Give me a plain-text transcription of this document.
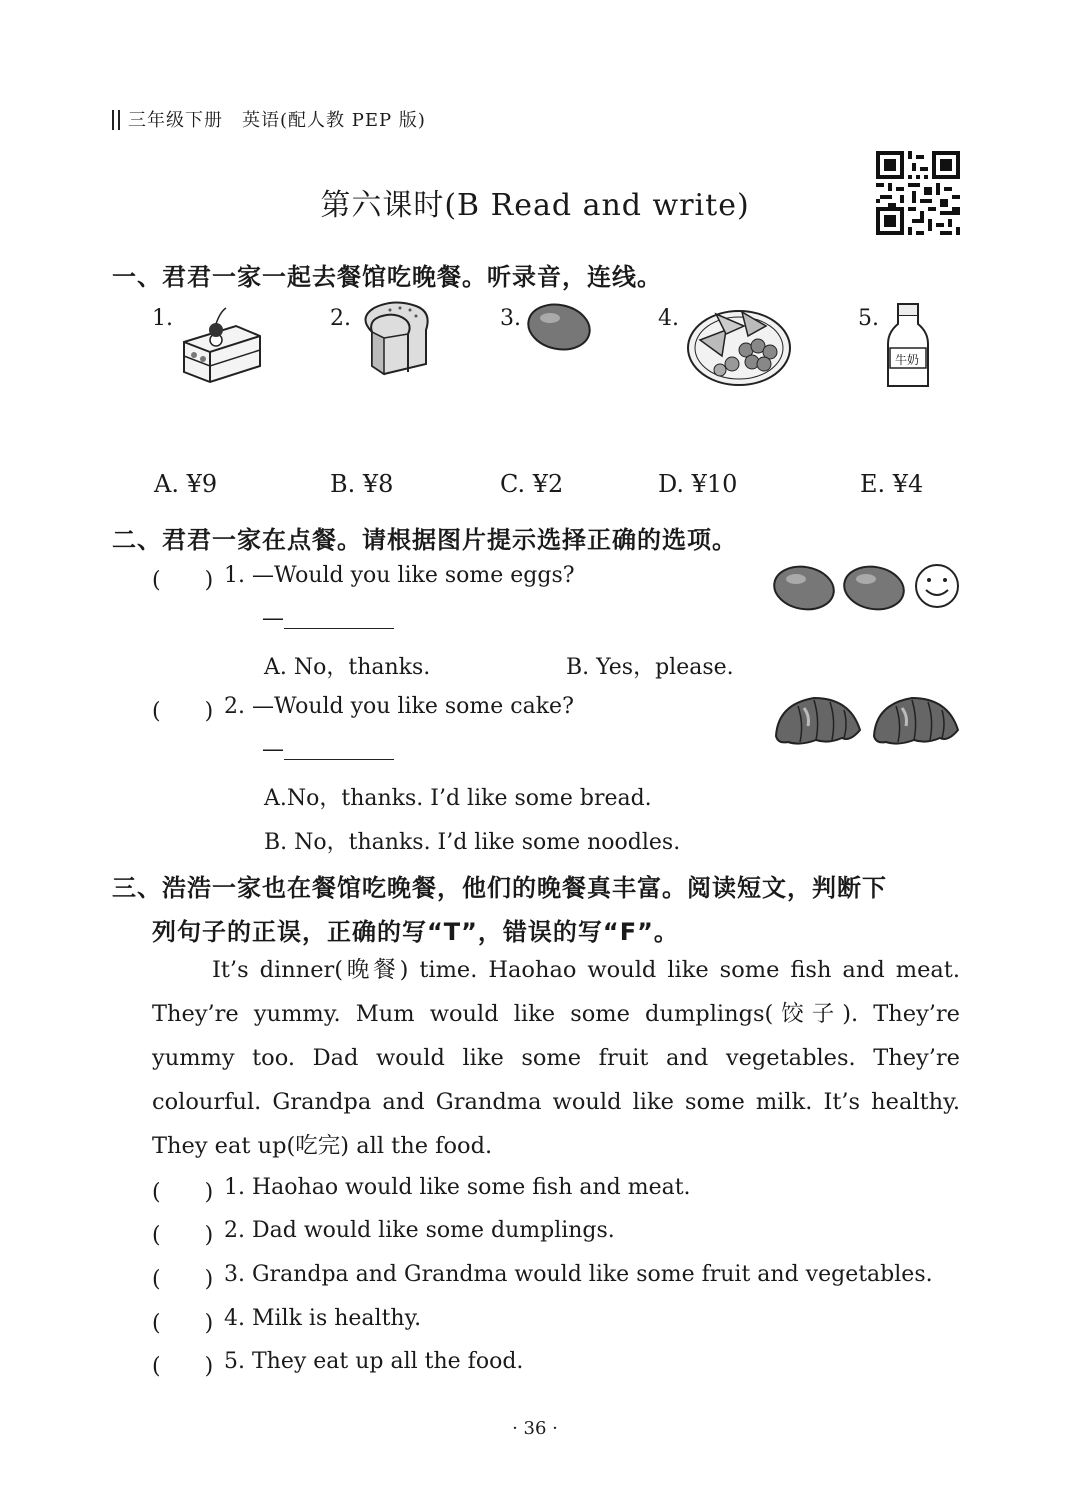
三年级下册　英语(配人教 PEP 版)
第六课时(B Read and write)
一、君君一家一起去餐馆吃晚餐。听录音，连线。
1.	2.	3.	4.	5.
牛奶
A. ¥9	B. ¥8	C. ¥2	D. ¥10	E. ¥4
二、君君一家在点餐。请根据图片提示选择正确的选项。
(　　) 1. —Would you like some eggs?
—
A. No，thanks.	B. Yes，please.
(　　) 2. —Would you like some cake?
—
A.No，thanks. I’d like some bread.
B. No，thanks. I’d like some noodles.
三、浩浩一家也在餐馆吃晚餐，他们的晚餐真丰富。阅读短文，判断下
列句子的正误，正确的写“T”，错误的写“F”。

It’s dinner(晚餐) time. Haohao would like some fish and meat. They’re yummy. Mum would like some dumplings(饺子). They’re yummy too. Dad would like some fruit and vegetables. They’re colourful. Grandpa and Grandma would like some milk. It’s healthy. They eat up(吃完) all the food.

(　　) 1. Haohao would like some fish and meat.
(　　) 2. Dad would like some dumplings.
(　　) 3. Grandpa and Grandma would like some fruit and vegetables.
(　　) 4. Milk is healthy.
(　　) 5. They eat up all the food.
· 36 ·
